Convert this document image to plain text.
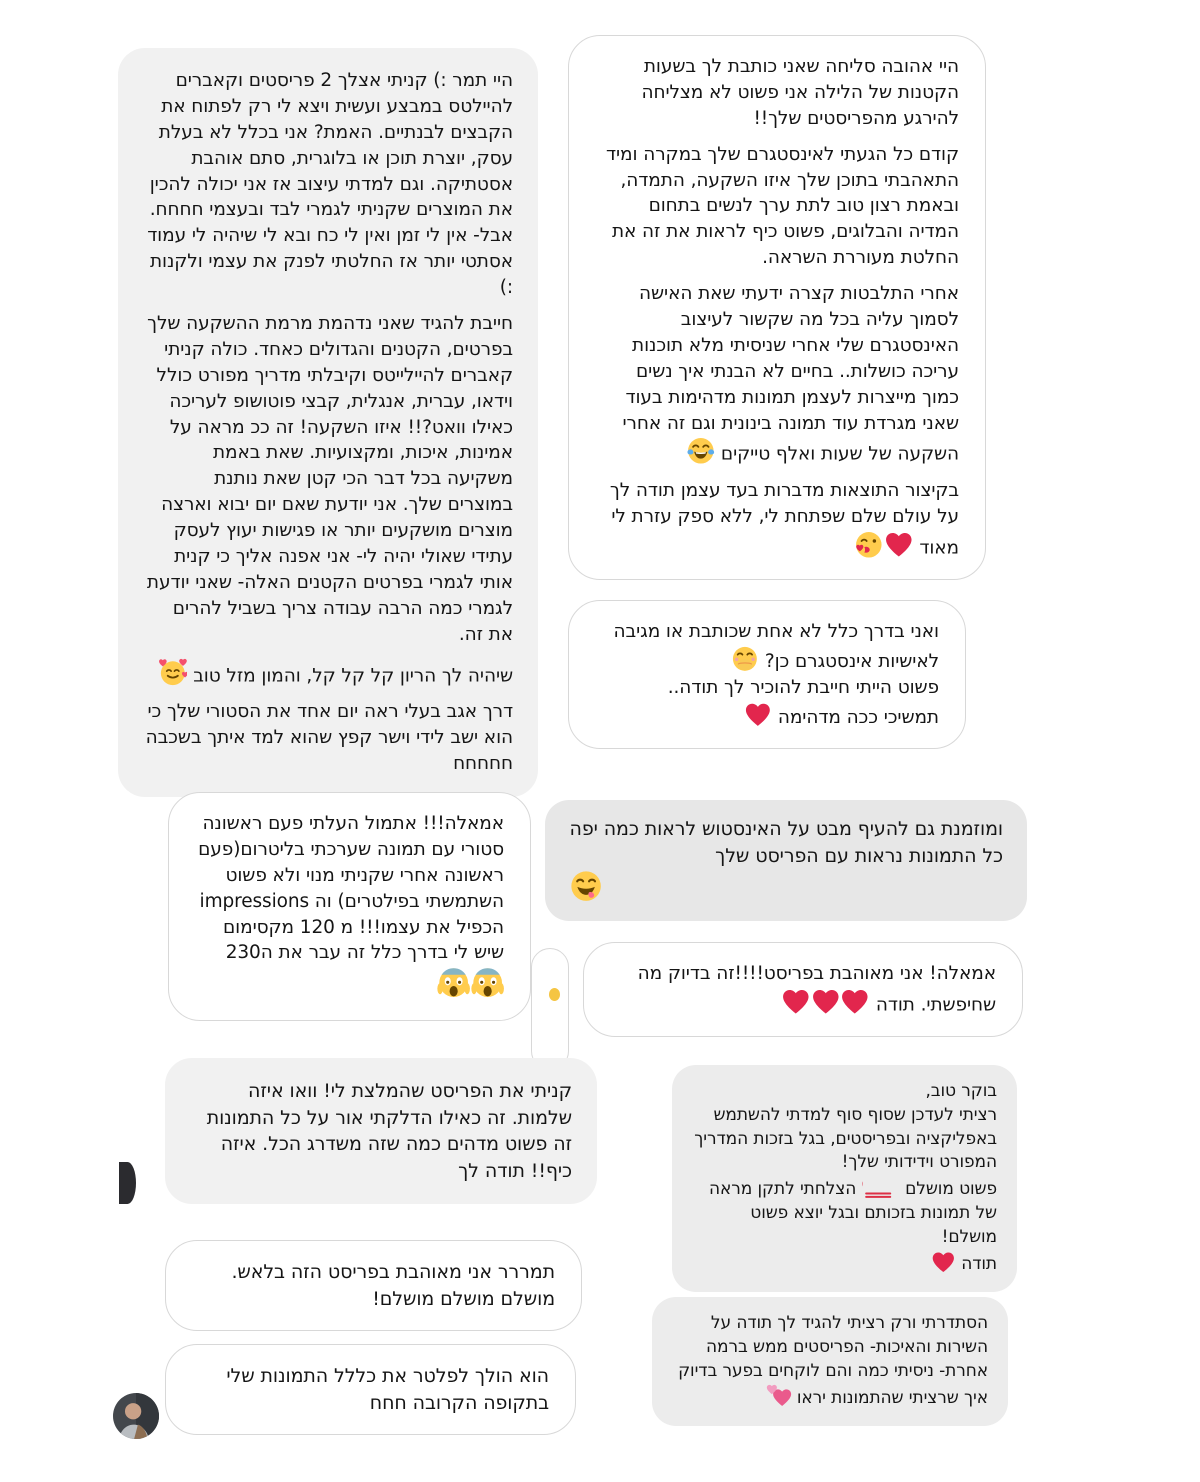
היי תמר :) קניתי אצלך 2 פריסטים וקאברים להיילטס במבצע ועשית ויצא לי רק לפתוח את הקבצים לבנתיים. האמת? אני בכלל לא בעלת עסק, יוצרת תוכן או בלוגרית, סתם אוהבת אסטתיקה. וגם למדתי עיצוב אז אני יכולה להכין את המוצרים שקניתי לגמרי לבד ובעצמי חחחח. אבל- אין לי זמן ואין לי כח ובא לי שיהיה לי עמוד אסתטי יותר אז החלטתי לפנק את עצמי ולקנות :)

חייבת להגיד שאני נדהמת מרמת ההשקעה שלך בפרטים, הקטנים והגדולים כאחד. כולה קניתי קאברים להיילייטס וקיבלתי מדריך מפורט כולל וידאו, עברית, אנגלית, קבצי פוטושופ לעריכה כאילו וואט?!! איזו השקעה! זה ככ מראה על אמינות, איכות, ומקצועיות. שאת באמת משקיעה בכל דבר הכי קטן שאת נותנת במוצרים שלך. אני יודעת שאם יום יבוא וארצה מוצרים מושקעים יותר או פגישות יעוץ לעסק עתידי שאולי יהיה לי- אני אפנה אליך כי קנית אותי לגמרי בפרטים הקטנים האלה- שאני יודעת לגמרי כמה הרבה עבודה צריך בשביל להרים את זה.

שיהיה לך הריון קל קל קל, והמון מזל טוב

דרך אגב בעלי ראה יום אחד את הסטורי שלך כי הוא ישב לידי וישר קפץ שהוא למד איתך בשכבה חחחחח

היי אהובה סליחה שאני כותבת לך בשעות הקטנות של הלילה אני פשוט לא מצליחה להירגע מהפריסטים שלך!!

קודם כל הגעתי לאינסטגרם שלך במקרה ומיד התאהבתי בתוכן שלך איזו השקעה, התמדה, ובאמת רצון טוב לתת ערך לנשים בתחום המדיה והבלוגים, פשוט כיף לראות את זה את החלטת מעוררת השראה.

אחרי התלבטות קצרה ידעתי שאת האישה לסמוך עליה בכל מה שקשור לעיצוב האינסטגרם שלי אחרי שניסיתי מלא תוכנות עריכה כושלות.. בחיים לא הבנתי איך נשים כמוך מייצרות לעצמן תמונות מדהימות בעוד שאני מגרדת עוד תמונה בינונית וגם זה אחרי השקעה של שעות ואלף טייקים

בקיצור התוצאות מדברות בעד עצמן תודה לך על עולם שלם שפתחת לי, ללא ספק עזרת לי מאוד

ואני בדרך כלל לא אחת שכותבת או מגיבה לאישיות אינסטגרם כן?

פשוט הייתי חייבת להוכיר לך תודה..

תמשיכי ככה מדהימה

ומוזמנת גם להעיף מבט על האינסטוש לראות כמה יפה כל התמונות נראות עם הפריסט שלך

אמאלה! אני מאוהבת בפריסט!!!!זה בדיוק מה שחיפשתי. תודה

אמאלה!!! אתמול העלתי פעם ראשונה סטורי עם תמונה שערכתי בליטרום(פעם ראשונה אחרי שקניתי מנוי ולא פשוט השתמשתי בפילטרים) וה impressions הכפיל את עצמו!!! מ 120 מקסימום שיש לי בדרך כלל זה עבר את ה230

קניתי את הפריסט שהמלצת לי! וואו איזה שלמות. זה כאילו הדלקתי אור על כל התמונות זה פשוט מדהים כמה שזה משדרג הכל. איזה כיף!! תודה לך

תמררר אני מאוהבת בפריסט הזה בלאש. מושלם מושלם מושלם!

הוא הולך לפלטר את כללל התמונות שלי בתקופה הקרובה חחח

בוקר טוב,

רציתי לעדכן שסוף סוף למדתי להשתמש באפליקציה ובפריסטים, בגל בזכות המדריך המפורט וידידותי שלך!

פשוט מושלם
הצלחתי לתקן מראה של תמונות בזכותם ובגל יוצא פשוט מושלם!

תודה

הסתדרתי ורק רציתי להגיד לך תודה על השירות והאיכות- הפריסטים ממש ברמה אחרת- ניסיתי כמה והם לוקחים בפער בדיוק איך שרציתי שהתמונות יראו
